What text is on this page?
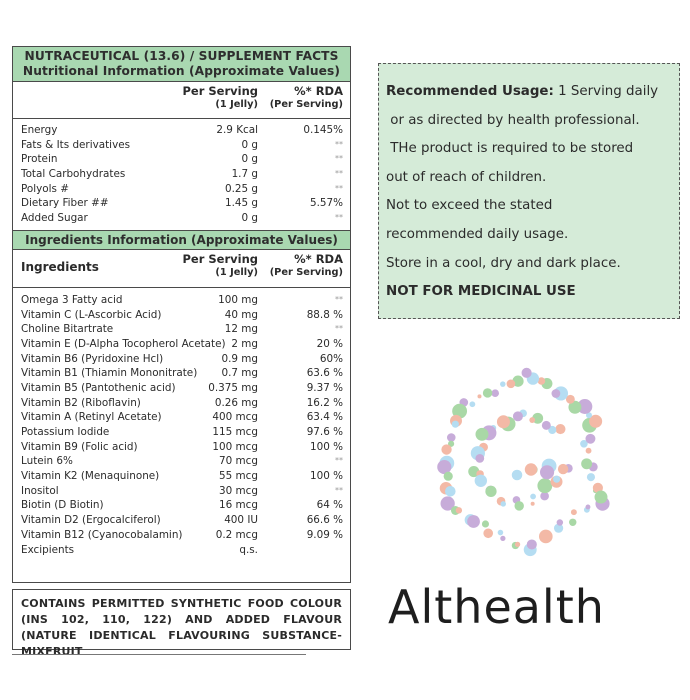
NUTRACEUTICAL (13.6) / SUPPLEMENT FACTS
Nutritional Information (Approximate Values)
Per Serving
(1 Jelly)
%* RDA
(Per Serving)
Energy	2.9 Kcal	0.145%
Fats & Its derivatives	0 g	**
Protein	0 g	**
Total Carbohydrates	1.7 g	**
Polyols #	0.25 g	**
Dietary Fiber ##	1.45 g	5.57%
Added Sugar	0 g	**
Ingredients Information (Approximate Values)
Ingredients
Per Serving
(1 Jelly)
%* RDA
(Per Serving)
Omega 3 Fatty acid	100 mg	**
Vitamin C (L-Ascorbic Acid)	40 mg	88.8 %
Choline Bitartrate	12 mg	**
Vitamin E (D-Alpha Tocopherol Acetate) 2 mg	20 %
Vitamin B6 (Pyridoxine Hcl)	0.9 mg	60%
Vitamin B1 (Thiamin Mononitrate) 0.7 mg	63.6 %
Vitamin B5 (Pantothenic acid)	0.375 mg	9.37 %
Vitamin B2 (Riboflavin)	0.26 mg	16.2 %
Vitamin A (Retinyl Acetate)	400 mcg	63.4 %
Potassium Iodide	115 mcg	97.6 %
Vitamin B9 (Folic acid)	100 mcg	100 %
Lutein 6%	70 mcg	**
Vitamin K2 (Menaquinone)	55 mcg	100 %
Inositol	30 mcg	**
Biotin (D Biotin)	16 mcg	64 %
Vitamin D2 (Ergocalciferol)	400 IU	66.6 %
Vitamin B12 (Cyanocobalamin)	0.2 mcg	9.09 %
Excipients	q.s.
CONTAINS PERMITTED SYNTHETIC FOOD COLOUR (INS 102, 110, 122) AND ADDED FLAVOUR (NATURE IDENTICAL FLAVOURING SUBSTANCE-MIXFRUIT
Recommended Usage: 1 Serving daily
or as directed by health professional.
THe product is required to be stored
out of reach of children.
Not to exceed the stated
recommended daily usage.
Store in a cool, dry and dark place.
NOT FOR MEDICINAL USE
Althealth
